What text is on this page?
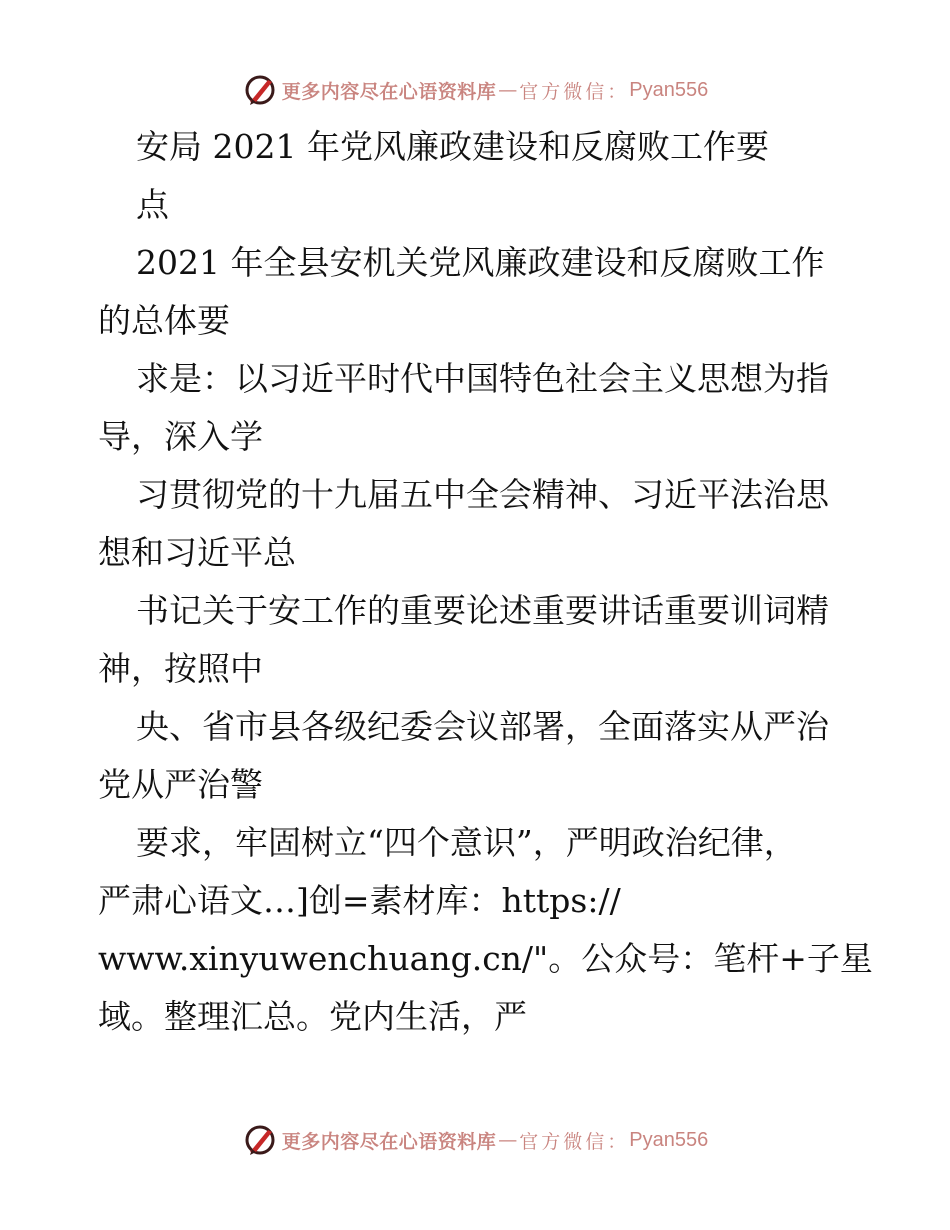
更多内容尽在心语资料库 — 官方微信： Pyan556

安局 2021 年党风廉政建设和反腐败工作要

点

2021 年全县安机关党风廉政建设和反腐败工作

的总体要

求是：以习近平时代中国特色社会主义思想为指

导，深入学

习贯彻党的十九届五中全会精神、习近平法治思

想和习近平总

书记关于安工作的重要论述重要讲话重要训词精

神，按照中

央、省市县各级纪委会议部署，全面落实从严治

党从严治警

要求，牢固树立“四个意识”，严明政治纪律，

严肃心语文…]创=素材库：https://

www.xinyuwenchuang.cn/"。公众号：笔杆+子星

域。整理汇总。党内生活，严

更多内容尽在心语资料库 — 官方微信： Pyan556
